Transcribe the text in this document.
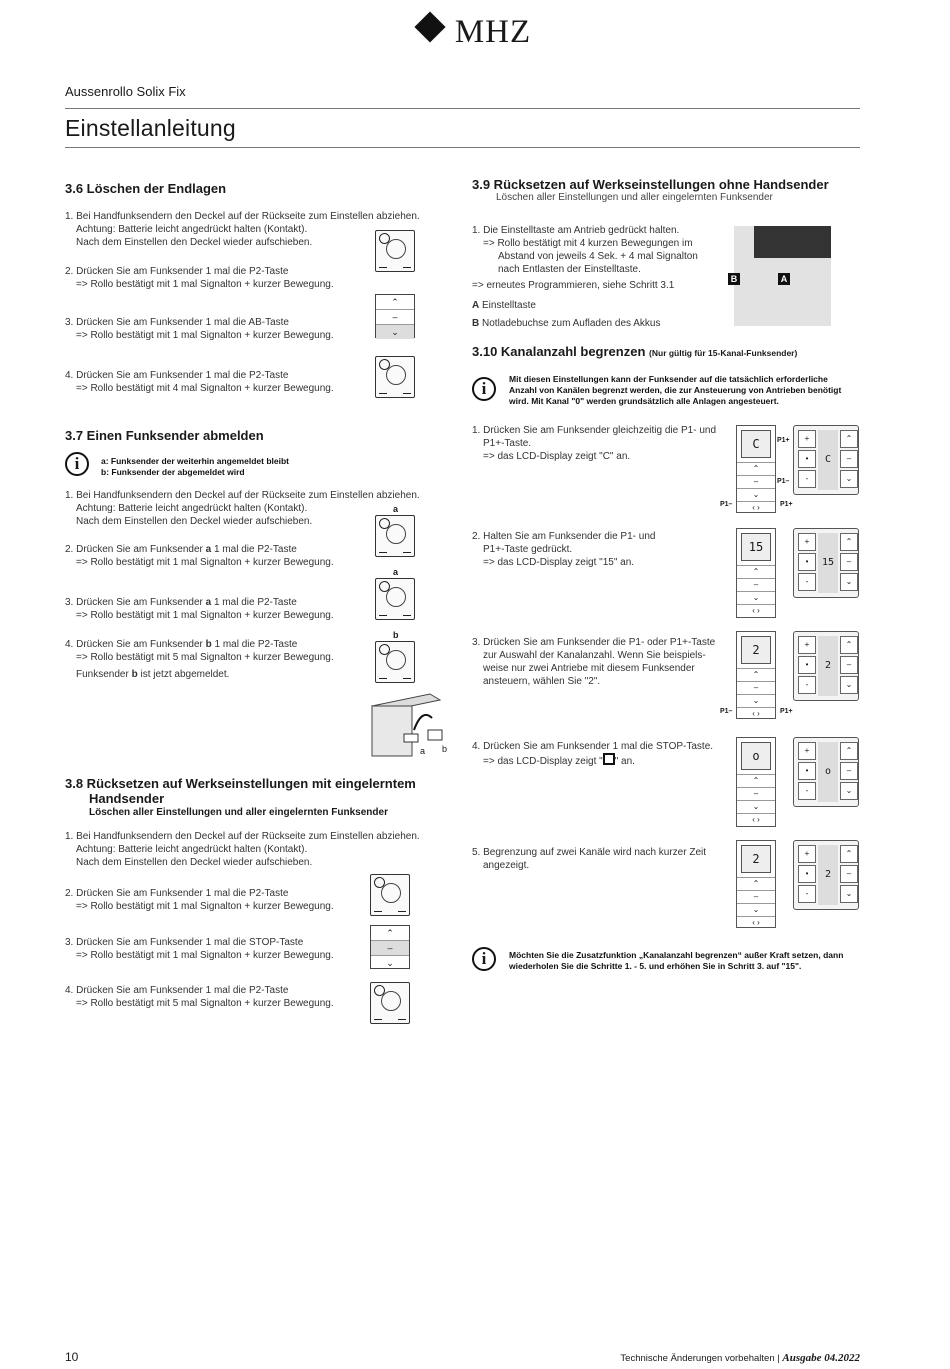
MHZ
Aussenrollo Solix Fix
Einstellanleitung
3.6 Löschen der Endlagen
1. Bei Handfunksendern den Deckel auf der Rückseite zum Einstellen abziehen.
Achtung: Batterie leicht angedrückt halten (Kontakt).
Nach dem Einstellen den Deckel wieder aufschieben.
2. Drücken Sie am Funksender 1 mal die P2-Taste
=> Rollo bestätigt mit 1 mal Signalton + kurzer Bewegung.
3. Drücken Sie am Funksender 1 mal die AB-Taste
=> Rollo bestätigt mit 1 mal Signalton + kurzer Bewegung.
4. Drücken Sie am Funksender 1 mal die P2-Taste
=> Rollo bestätigt mit 4 mal Signalton + kurzer Bewegung.
⌃
–
⌄
3.7 Einen Funksender abmelden
i	a: Funksender der weiterhin angemeldet bleibt
b: Funksender der abgemeldet wird
1. Bei Handfunksendern den Deckel auf der Rückseite zum Einstellen abziehen.
Achtung: Batterie leicht angedrückt halten (Kontakt).
Nach dem Einstellen den Deckel wieder aufschieben.
2. Drücken Sie am Funksender a 1 mal die P2-Taste
=> Rollo bestätigt mit 1 mal Signalton + kurzer Bewegung.
3. Drücken Sie am Funksender a 1 mal die P2-Taste
=> Rollo bestätigt mit 1 mal Signalton + kurzer Bewegung.
4. Drücken Sie am Funksender b 1 mal die P2-Taste
=> Rollo bestätigt mit 5 mal Signalton + kurzer Bewegung.
Funksender b ist jetzt abgemeldet.
a
a
b
a b
3.8 Rücksetzen auf Werkseinstellungen mit eingelerntem
Handsender
Löschen aller Einstellungen und aller eingelernten Funksender
1. Bei Handfunksendern den Deckel auf der Rückseite zum Einstellen abziehen.
Achtung: Batterie leicht angedrückt halten (Kontakt).
Nach dem Einstellen den Deckel wieder aufschieben.
2. Drücken Sie am Funksender 1 mal die P2-Taste
=> Rollo bestätigt mit 1 mal Signalton + kurzer Bewegung.
3. Drücken Sie am Funksender 1 mal die STOP-Taste
=> Rollo bestätigt mit 1 mal Signalton + kurzer Bewegung.
4. Drücken Sie am Funksender 1 mal die P2-Taste
=> Rollo bestätigt mit 5 mal Signalton + kurzer Bewegung.
⌃
–
⌄
3.9 Rücksetzen auf Werkseinstellungen ohne Handsender
Löschen aller Einstellungen und aller eingelernten Funksender
1. Die Einstelltaste am Antrieb gedrückt halten.
=> Rollo bestätigt mit 4 kurzen Bewegungen im
Abstand von jeweils 4 Sek. + 4 mal Signalton
nach Entlasten der Einstelltaste.
=> erneutes Programmieren, siehe Schritt 3.1
A Einstelltaste
B Notladebuchse zum Aufladen des Akkus
B	A
3.10 Kanalanzahl begrenzen (Nur gültig für 15-Kanal-Funksender)
i	Mit diesen Einstellungen kann der Funksender auf die tatsächlich erforderliche
Anzahl von Kanälen begrenzt werden, die zur Ansteuerung von Antrieben benötigt
wird. Mit Kanal "0" werden grundsätzlich alle Anlagen angesteuert.
1. Drücken Sie am Funksender gleichzeitig die P1- und
P1+-Taste.
=> das LCD-Display zeigt "C" an.
2. Halten Sie am Funksender die P1- und
P1+-Taste gedrückt.
=> das LCD-Display zeigt "15" an.
3. Drücken Sie am Funksender die P1- oder P1+-Taste
zur Auswahl der Kanalanzahl. Wenn Sie beispiels-
weise nur zwei Antriebe mit diesem Funksender
ansteuern, wählen Sie "2".
4. Drücken Sie am Funksender 1 mal die STOP-Taste.
=> das LCD-Display zeigt " " an.
5. Begrenzung auf zwei Kanäle wird nach kurzer Zeit
angezeigt.
C
⌃
–
⌄
‹ ›
+
•
-
⌃
–
⌄
C
15
⌃
–
⌄
‹ ›
+
•
-
⌃
–
⌄
15
2
⌃
–
⌄
‹ ›
+
•
-
⌃
–
⌄
2
o
⌃
–
⌄
‹ ›
+
•
-
⌃
–
⌄
o
2
⌃
–
⌄
‹ ›
+
•
-
⌃
–
⌄
2
P1+
P1–
P1–	P1+
P1–	P1+
i	Möchten Sie die Zusatzfunktion „Kanalanzahl begrenzen“ außer Kraft setzen, dann
wiederholen Sie die Schritte 1. - 5. und erhöhen Sie in Schritt 3. auf "15".
10	Technische Änderungen vorbehalten | Ausgabe 04.2022
